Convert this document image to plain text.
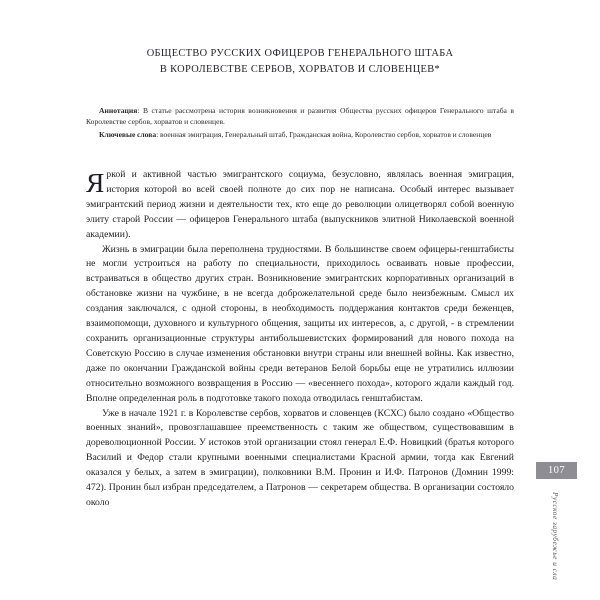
ОБЩЕСТВО РУССКИХ ОФИЦЕРОВ ГЕНЕРАЛЬНОГО ШТАБА
В КОРОЛЕВСТВЕ СЕРБОВ, ХОРВАТОВ И СЛОВЕНЦЕВ*

Аннотация: В статье рассмотрена история возникновения и развития Общества русских офицеров Генерального штаба в Королевстве сербов, хорватов и словенцев.

Ключевые слова: военная эмиграция, Генеральный штаб, Гражданская война, Королевство сербов, хорватов и словенцев

Яркой и активной частью эмигрантского социума, безусловно, являлась военная эмиграция, история которой во всей своей полноте до сих пор не написана. Особый интерес вызывает эмигрантский период жизни и деятельности тех, кто еще до революции олицетворял собой военную элиту старой России — офицеров Генерального штаба (выпускников элитной Николаевской военной академии).

Жизнь в эмиграции была переполнена трудностями. В большинстве своем офицеры-генштабисты не могли устроиться на работу по специальности, приходилось осваивать новые профессии, встраиваться в общество других стран. Возникновение эмигрантских корпоративных организаций в обстановке жизни на чужбине, в не всегда доброжелательной среде было неизбежным. Смысл их создания заключался, с одной стороны, в необходимость поддержания контактов среди беженцев, взаимопомощи, духовного и культурного общения, защиты их интересов, а, с другой, - в стремлении сохранить организационные структуры антибольшевистских формирований для нового похода на Советскую Россию в случае изменения обстановки внутри страны или внешней войны. Как известно, даже по окончании Гражданской войны среди ветеранов Белой борьбы еще не утратились иллюзии относительно возможного возвращения в Россию — «весеннего похода», которого ждали каждый год. Вполне определенная роль в подготовке такого похода отводилась генштабистам.

Уже в начале 1921 г. в Королевстве сербов, хорватов и словенцев (КСХС) было создано «Общество военных знаний», провозглашавшее преемственность с таким же обществом, существовавшим в дореволюционной России. У истоков этой организации стоял генерал Е.Ф. Новицкий (братья которого Василий и Федор стали крупными военными специалистами Красной армии, тогда как Евгений оказался у белых, а затем в эмиграции), полковники В.М. Пронин и И.Ф. Патронов (Домнин 1999: 472). Пронин был избран председателем, а Патронов — секретарем общества. В организации состояло около

107
Русское зарубежье и сла
